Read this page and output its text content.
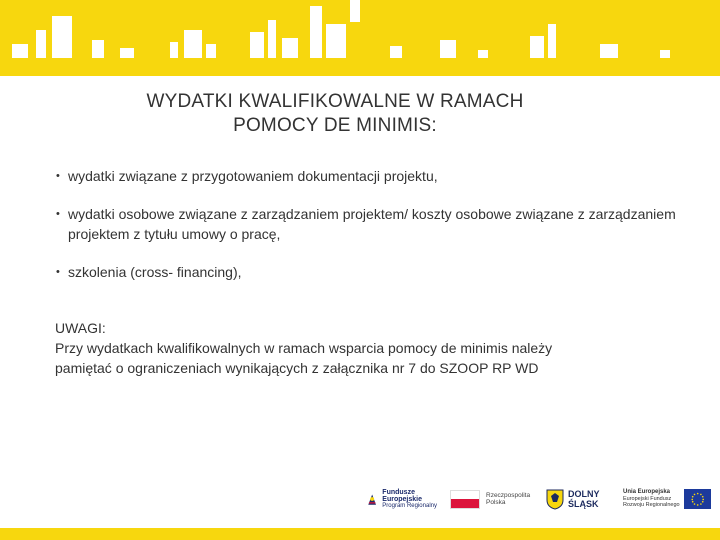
WYDATKI KWALIFIKOWALNE W RAMACH
POMOCY DE MINIMIS:
• wydatki związane z przygotowaniem dokumentacji projektu,
• wydatki osobowe związane z zarządzaniem projektem/ koszty osobowe związane z zarządzaniem projektem z tytułu umowy o pracę,
• szkolenia (cross- financing),
UWAGI:
Przy wydatkach kwalifikowalnych w ramach wsparcia pomocy de minimis należy
pamiętać o ograniczeniach wynikających z załącznika nr 7 do SZOOP RP WD
Fundusze
Europejskie
Program Regionalny
Rzeczpospolita
Polska
DOLNY
ŚLĄSK
Unia Europejska
Europejski Fundusz
Rozwoju Regionalnego
